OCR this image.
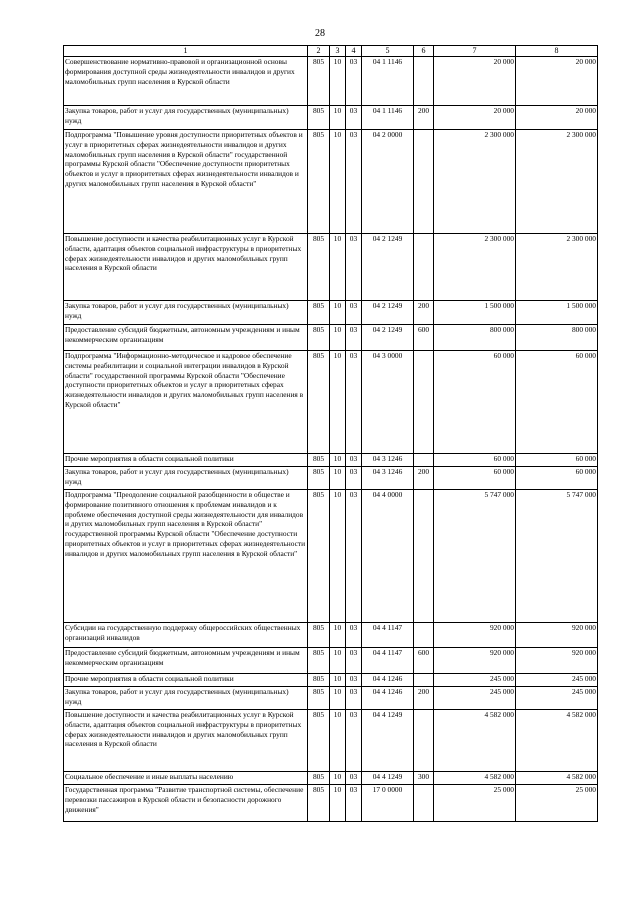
28
1	2	3	4	5	6	7	8
Совершенствование нормативно-правовой и организационной основы формирования доступной среды жизнедеятельности инвалидов и других маломобильных групп населения в Курской области	805	10	03	04 1 1146		20 000	20 000
Закупка товаров, работ и услуг для государственных (муниципальных) нужд	805	10	03	04 1 1146	200	20 000	20 000
Подпрограмма "Повышение уровня доступности приоритетных объектов и услуг в приоритетных сферах жизнедеятельности инвалидов и других маломобильных групп населения в Курской области" государственной программы Курской области "Обеспечение доступности приоритетных объектов и услуг в приоритетных сферах жизнедеятельности инвалидов и других маломобильных групп населения в Курской области"	805	10	03	04 2 0000		2 300 000	2 300 000
Повышение доступности и качества реабилитационных услуг в Курской области, адаптация объектов социальной инфраструктуры в приоритетных сферах жизнедеятельности инвалидов и других маломобильных групп населения в Курской области	805	10	03	04 2 1249		2 300 000	2 300 000
Закупка товаров, работ и услуг для государственных (муниципальных) нужд	805	10	03	04 2 1249	200	1 500 000	1 500 000
Предоставление субсидий бюджетным, автономным учреждениям и иным некоммерческим организациям	805	10	03	04 2 1249	600	800 000	800 000
Подпрограмма "Информационно-методическое и кадровое обеспечение системы реабилитации и социальной интеграции инвалидов в Курской области" государственной программы Курской области "Обеспечение доступности приоритетных объектов и услуг в приоритетных сферах жизнедеятельности инвалидов и других маломобильных групп населения в Курской области"	805	10	03	04 3 0000		60 000	60 000
Прочие мероприятия в области социальной политики	805	10	03	04 3 1246		60 000	60 000
Закупка товаров, работ и услуг для государственных (муниципальных) нужд	805	10	03	04 3 1246	200	60 000	60 000
Подпрограмма "Преодоление социальной разобщенности в обществе и формирование позитивного отношения к проблемам инвалидов и к проблеме обеспечения доступной среды жизнедеятельности для инвалидов и других маломобильных групп населения в Курской области" государственной программы Курской области "Обеспечение доступности приоритетных объектов и услуг в приоритетных сферах жизнедеятельности инвалидов и других маломобильных групп населения в Курской области"	805	10	03	04 4 0000		5 747 000	5 747 000
Субсидии на государственную поддержку общероссийских общественных организаций инвалидов	805	10	03	04 4 1147		920 000	920 000
Предоставление субсидий бюджетным, автономным учреждениям и иным некоммерческим организациям	805	10	03	04 4 1147	600	920 000	920 000
Прочие мероприятия в области социальной политики	805	10	03	04 4 1246		245 000	245 000
Закупка товаров, работ и услуг для государственных (муниципальных) нужд	805	10	03	04 4 1246	200	245 000	245 000
Повышение доступности и качества реабилитационных услуг в Курской области, адаптация объектов социальной инфраструктуры в приоритетных сферах жизнедеятельности инвалидов и других маломобильных групп населения в Курской области	805	10	03	04 4 1249		4 582 000	4 582 000
Социальное обеспечение и иные выплаты населению	805	10	03	04 4 1249	300	4 582 000	4 582 000
Государственная программа "Развитие транспортной системы, обеспечение перевозки пассажиров в Курской области и безопасности дорожного движения"	805	10	03	17 0 0000		25 000	25 000
